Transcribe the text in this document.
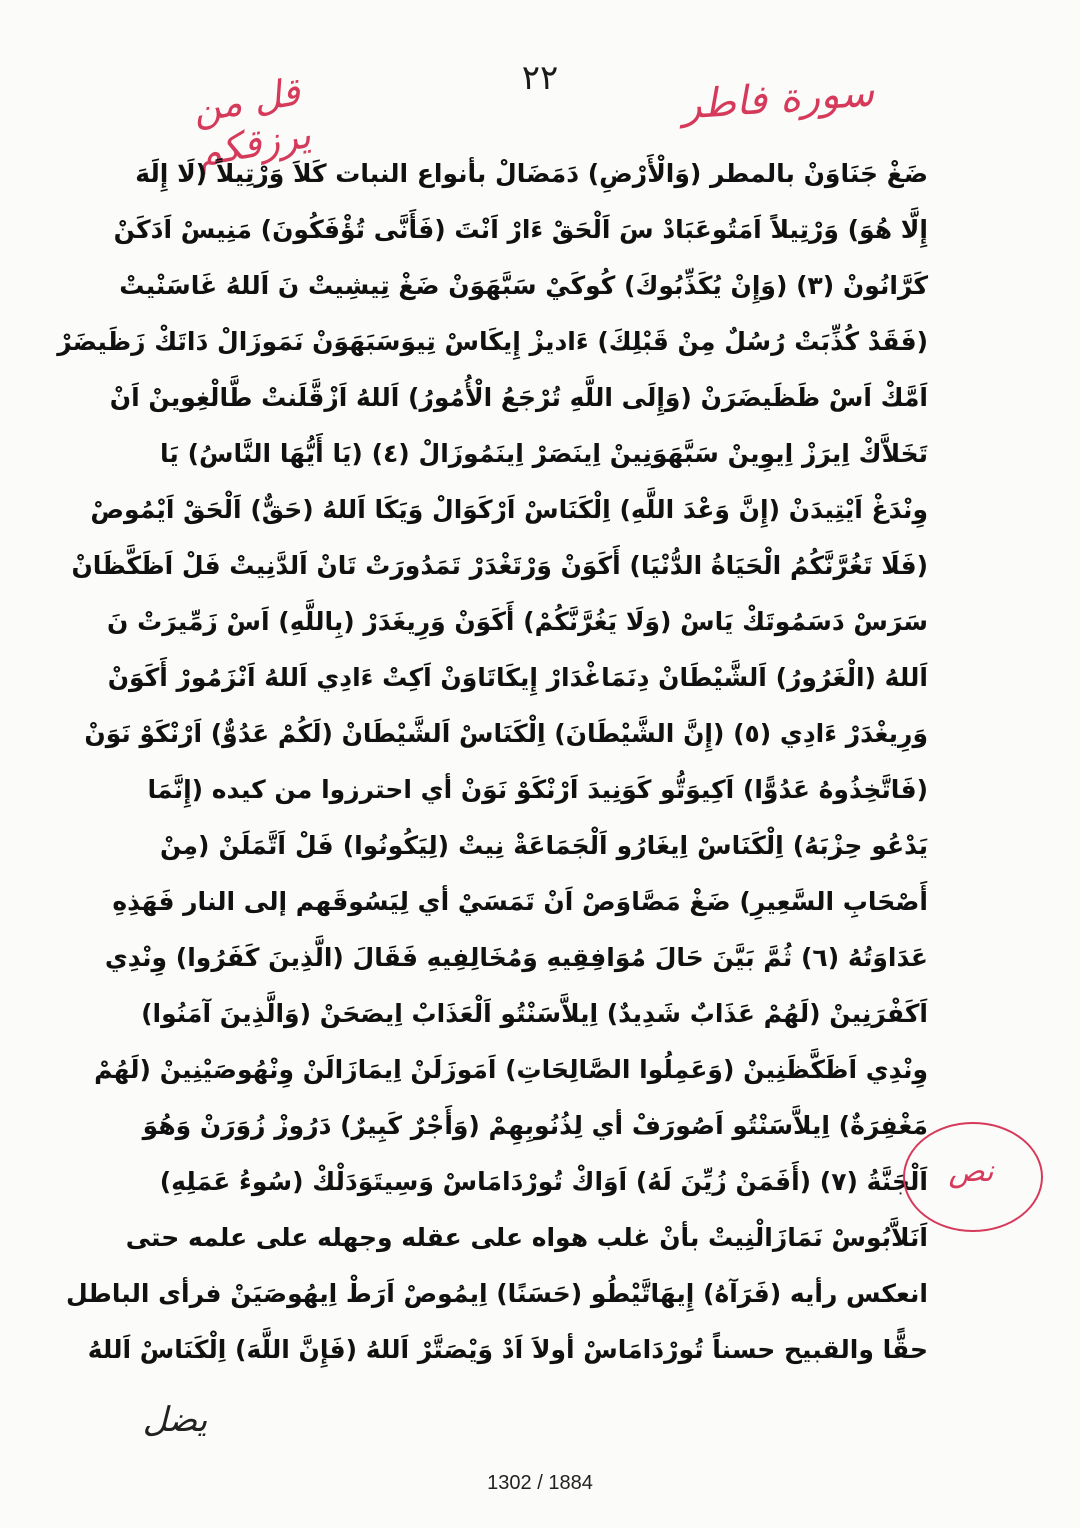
٢٢	سورة فاطر
قل من يرزقكم
ضَغْ جَنَاوَنْ بالمطر (وَالْأَرْضِ) دَمَضَالْ بأنواع النبات كَلاَ وَرْتِيلاً (لَا إِلَهَ
إِلَّا هُوَ) وَرْتِيلاً اَمَتُوعَبَادْ سَ اَلْحَقْ ءَارْ اَنْتَ (فَأَنَّى تُؤْفَكُونَ) مَنِيسْ اَدَكَنْ
كَرَّانُونْ (٣) (وَإِنْ يُكَذِّبُوكَ) كُوكَيْ سَبَّهَوَنْ ضَغْ تِيشِيتْ نَ اَللهُ غَاسَنْيتْ
(فَقَدْ كُذِّبَتْ رُسُلٌ مِنْ قَبْلِكَ) ءَاديزْ إِيكَاسْ تِيوَسَبَهَوَنْ نَمَوزَالْ دَاتَكْ زَظَيضَرْ
اَمَّكْ اَسْ ظَظَيضَرَنْ (وَإِلَى اللَّهِ تُرْجَعُ الْأُمُورُ) اَللهُ اَزْقَّلَنتْ طَّالْغِوينْ اَنْ
تَخَلاَّكْ اِيرَزْ اِيوِينْ سَبَّهَوَنِينْ اِينَصَرْ اِينَمُوزَالْ (٤) (يَا أَيُّهَا النَّاسُ) يَا
وِنْدَغْ اَيْتِيدَنْ (إِنَّ وَعْدَ اللَّهِ) اِلْكَنَاسْ اَرْكَوَالْ وَيَكَا اَللهُ (حَقٌّ) اَلْحَقْ اَيْمُوصْ
(فَلَا تَغُرَّنَّكُمُ الْحَيَاةُ الدُّنْيَا) أَكَوَنْ وَرْتَغْدَرْ تَمَدُورَتْ تَانْ اَلدَّنِيتْ فَلْ اَظَكَّظَانْ
سَرَسْ دَسَمُوتَكْ يَاسْ (وَلَا يَغُرَّنَّكُمْ) أَكَوَنْ وَرِيغَدَرْ (بِاللَّهِ) اَسْ زَمِّيرَتْ نَ
اَللهُ (الْغَرُورُ) اَلشَّيْطَانْ دِنَمَاغْدَارْ إِيكَاتَاوَنْ اَكِتْ ءَادِي اَللهُ اَنْزَمُورْ أَكَوَنْ
وَرِيغْدَرْ ءَادِي (٥) (إِنَّ الشَّيْطَانَ) اِلْكَنَاسْ اَلشَّيْطَانْ (لَكُمْ عَدُوٌّ) اَرْنْكَوْ نَوَنْ
(فَاتَّخِذُوهُ عَدُوًّا) اَكِيوَتُّو كَوَنِيدَ اَرْنْكَوْ نَوَنْ أي احترزوا من كيده (إِنَّمَا
يَدْعُو حِزْبَهُ) اِلْكَنَاسْ اِيغَارُو اَلْجَمَاعَةْ نِيتْ (لِيَكُونُوا) فَلْ اَتَّمَلَنْ (مِنْ
أَصْحَابِ السَّعِيرِ) ضَغْ مَصَّاوَصْ اَنْ تَمَسَيْ أي لِيَسُوقَهم إلى النار فَهَذِهِ
عَدَاوَتُهُ (٦) ثُمَّ بَيَّنَ حَالَ مُوَافِقِيهِ وَمُخَالِفِيهِ فَقَالَ (الَّذِينَ كَفَرُوا) وِنْدِي
اَكَفْرَنِينْ (لَهُمْ عَذَابٌ شَدِيدٌ) اِيلاَّسَنْتُو اَلْعَذَابْ اِيصَحَنْ (وَالَّذِينَ آمَنُوا)
وِنْدِي اَظَكَّظَنِينْ (وَعَمِلُوا الصَّالِحَاتِ) اَمَوزَلَنْ اِيمَازَالَنْ وِنْهُوصَيْنِينْ (لَهُمْ
مَغْفِرَةٌ) اِيلاَّسَنْتُو اَصُورَفْ أي لِذُنُوبِهِمْ (وَأَجْرٌ كَبِيرٌ) دَرُوزْ زُوَرَنْ وَهُوَ
اَلْجَنَّةُ (٧) (أَفَمَنْ زُيِّنَ لَهُ) اَوَاكْ تُورْدَامَاسْ وَسِيتَوَدَلْكْ (سُوءُ عَمَلِهِ)
اَنَلاَّبُوسْ نَمَازَالْنِيتْ بأنْ غلب هواه على عقله وجهله على علمه حتى
انعكس رأيه (فَرَآهُ) إِيهَاتَّيْطُو (حَسَنًا) اِيمُوصْ اَرَطْ اِيهُوصَيَنْ فرأى الباطل
حقًّا والقبيح حسناً تُورْدَامَاسْ أولاَ اَدْ وَيْصَتَّرْ اَللهُ (فَإِنَّ اللَّهَ) اِلْكَنَاسْ اَللهُ
نص
يضل
1302 / 1884
